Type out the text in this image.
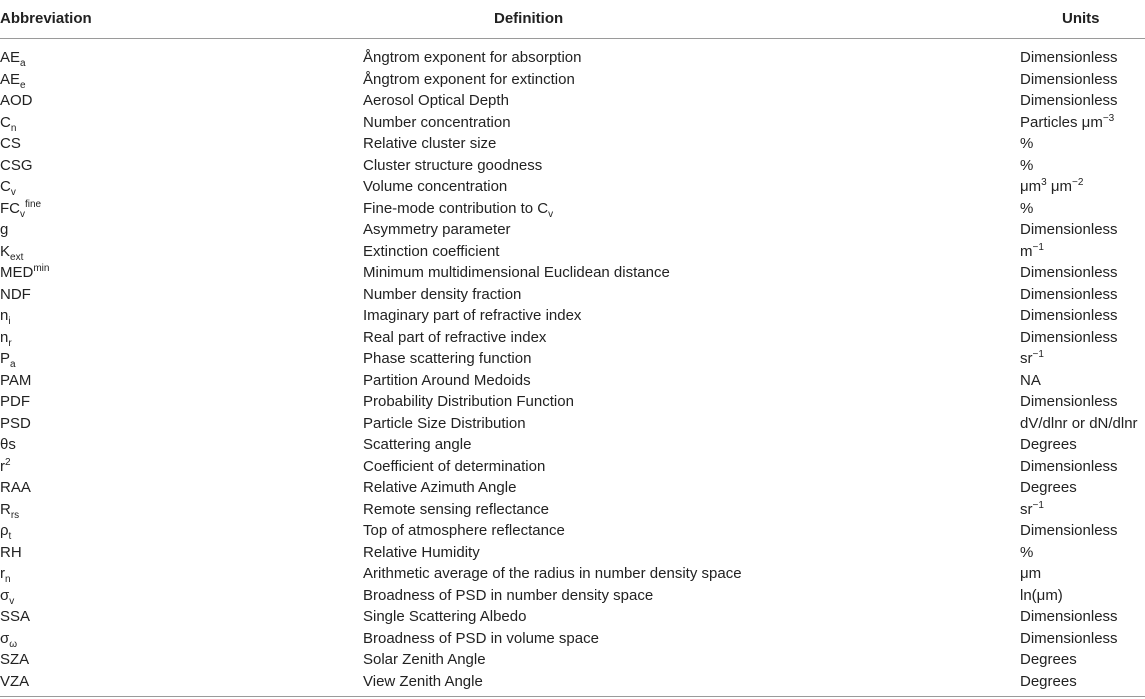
Abbreviation	Definition	Units
$AE_a$	Ångtrom exponent for absorption	Dimensionless
$AE_e$	Ångtrom exponent for extinction	Dimensionless
AOD	Aerosol Optical Depth	Dimensionless
$C_n$	Number concentration	Particles $\mu m^{-3}$
CS	Relative cluster size	%
CSG	Cluster structure goodness	%
$C_v$	Volume concentration	$\mu m^3$ $\mu m^{-2}$
$FC_v^{fine}$	Fine-mode contribution to $C_v$	%
g	Asymmetry parameter	Dimensionless
$K_{ext}$	Extinction coefficient	$m^{-1}$
$MED^{min}$	Minimum multidimensional Euclidean distance	Dimensionless
NDF	Number density fraction	Dimensionless
$n_i$	Imaginary part of refractive index	Dimensionless
$n_r$	Real part of refractive index	Dimensionless
$P_a$	Phase scattering function	$sr^{-1}$
PAM	Partition Around Medoids	NA
PDF	Probability Distribution Function	Dimensionless
PSD	Particle Size Distribution	dV/dlnr or dN/dlnr
θs	Scattering angle	Degrees
$r^2$	Coefficient of determination	Dimensionless
RAA	Relative Azimuth Angle	Degrees
$R_{rs}$	Remote sensing reflectance	$sr^{-1}$
$\rho_t$	Top of atmosphere reflectance	Dimensionless
RH	Relative Humidity	%
$r_n$	Arithmetic average of the radius in number density space	μm
$\sigma_v$	Broadness of PSD in number density space	ln(μm)
SSA	Single Scattering Albedo	Dimensionless
$\sigma_\omega$	Broadness of PSD in volume space	Dimensionless
SZA	Solar Zenith Angle	Degrees
VZA	View Zenith Angle	Degrees
